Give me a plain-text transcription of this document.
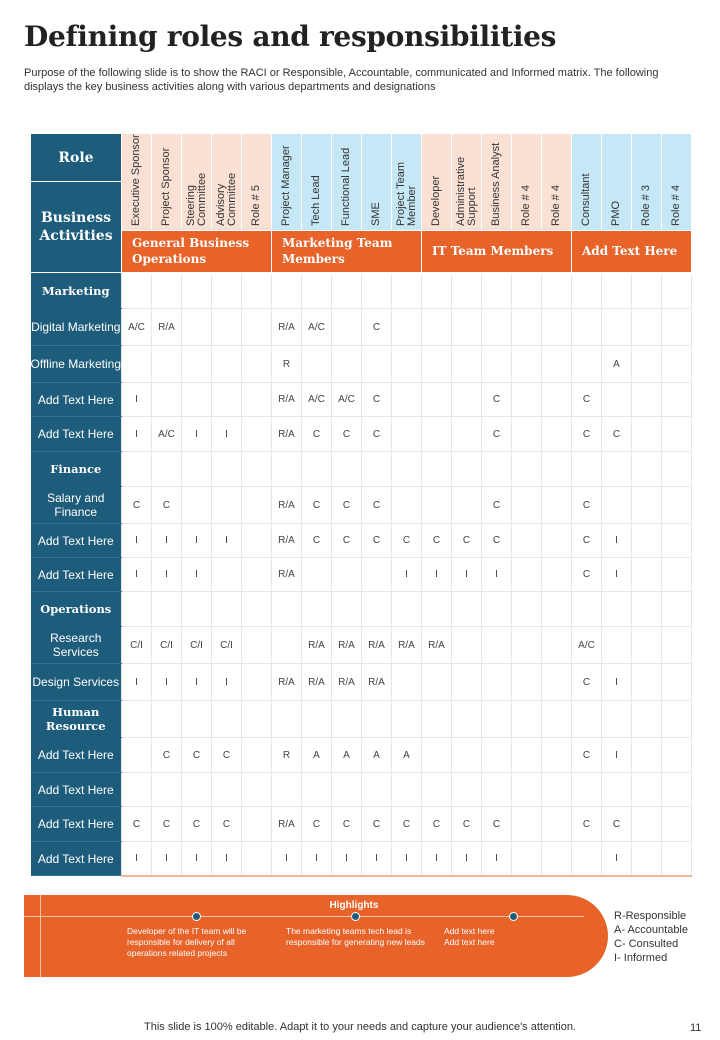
Defining roles and responsibilities
Purpose of the following slide is to show the RACI or Responsible, Accountable, communicated and Informed matrix. The following displays the key business activities along with various departments and designations
Role	Executive Sponsor	Project Sponsor	Steering Committee	Advisory Committee	Role # 5	Project Manager	Tech Lead	Functional Lead	SME	Project Team Member	Developer	Administrative Support	Business Analyst	Role # 4	Role # 4	Consultant	PMO	Role # 3	Role # 4

Business Activities																			
	General Business Operations					Marketing Team Members					IT Team Members					Add Text Here			
Marketing																			
Digital Marketing	A/C	R/A				R/A	A/C		C										
Offline Marketing						R											A		
Add Text Here	I					R/A	A/C	A/C	C				C			C			
Add Text Here	I	A/C	I	I		R/A	C	C	C				C			C	C		
Finance																			
Salary and Finance	C	C				R/A	C	C	C				C			C			
Add Text Here	I	I	I	I		R/A	C	C	C	C	C	C	C			C	I		
Add Text Here	I	I	I			R/A				I	I	I	I			C	I		
Operations																			
Research Services	C/I	C/I	C/I	C/I			R/A	R/A	R/A	R/A	R/A					A/C			
Design Services	I	I	I	I		R/A	R/A	R/A	R/A							C	I		
Human Resource																			
Add Text Here		C	C	C		R	A	A	A	A						C	I		
Add Text Here																			
Add Text Here	C	C	C	C		R/A	C	C	C	C	C	C	C			C	C		
Add Text Here	I	I	I	I		I	I	I	I	I	I	I	I				I		
Highlights
Developer of the IT team will be responsible for delivery of all operations related projects
The marketing teams tech lead is responsible for generating new leads
Add text here Add text here
R-Responsible
A- Accountable
C- Consulted
I- Informed
This slide is 100% editable. Adapt it to your needs and capture your audience's attention.	11
